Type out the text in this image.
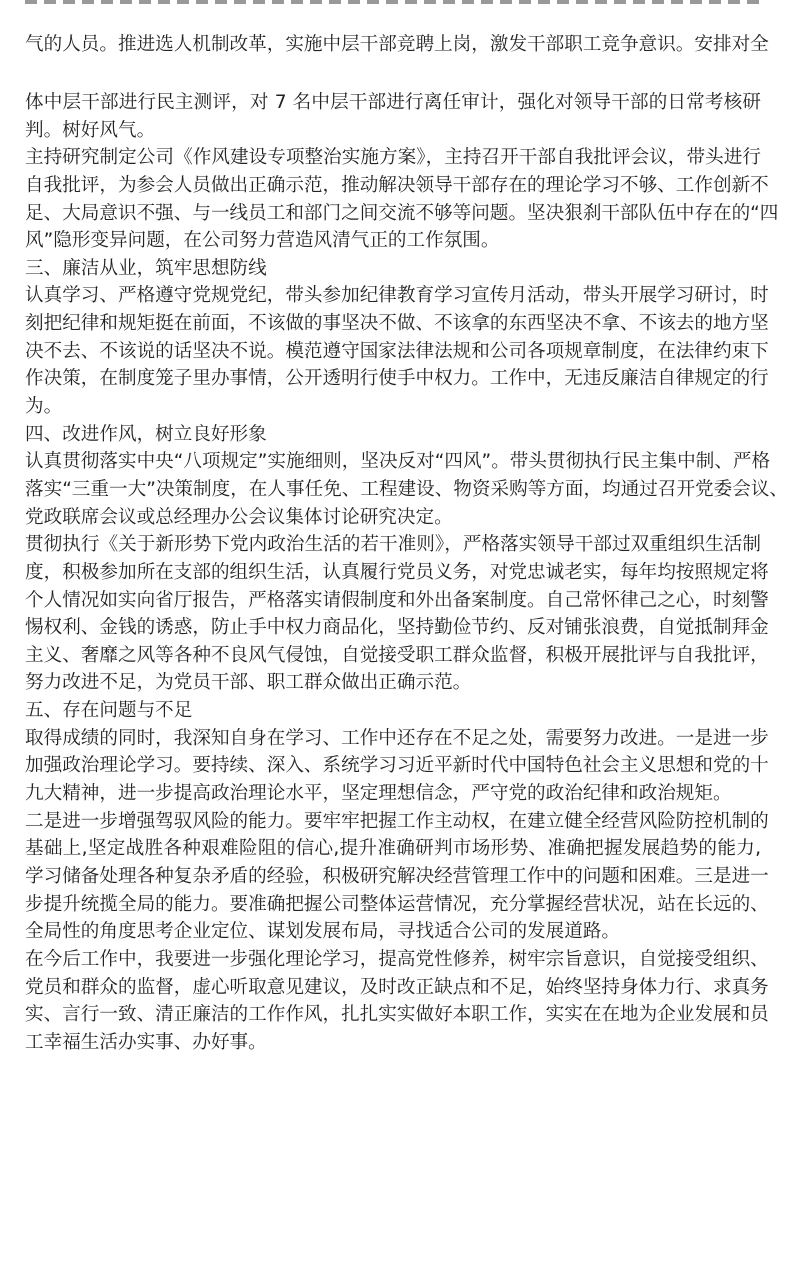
气的人员。推进选人机制改革，实施中层干部竞聘上岗，激发干部职工竞争意识。安排对全
体中层干部进行民主测评，对 7 名中层干部进行离任审计，强化对领导干部的日常考核研
判。树好风气。
主持研究制定公司《作风建设专项整治实施方案》，主持召开干部自我批评会议，带头进行
自我批评，为参会人员做出正确示范，推动解决领导干部存在的理论学习不够、工作创新不
足、大局意识不强、与一线员工和部门之间交流不够等问题。坚决狠刹干部队伍中存在的“四
风”隐形变异问题，在公司努力营造风清气正的工作氛围。
三、廉洁从业，筑牢思想防线
认真学习、严格遵守党规党纪，带头参加纪律教育学习宣传月活动，带头开展学习研讨，时
刻把纪律和规矩挺在前面，不该做的事坚决不做、不该拿的东西坚决不拿、不该去的地方坚
决不去、不该说的话坚决不说。模范遵守国家法律法规和公司各项规章制度，在法律约束下
作决策，在制度笼子里办事情，公开透明行使手中权力。工作中，无违反廉洁自律规定的行
为。
四、改进作风，树立良好形象
认真贯彻落实中央“八项规定”实施细则，坚决反对“四风”。带头贯彻执行民主集中制、严格
落实“三重一大”决策制度，在人事任免、工程建设、物资采购等方面，均通过召开党委会议、
党政联席会议或总经理办公会议集体讨论研究决定。
贯彻执行《关于新形势下党内政治生活的若干准则》，严格落实领导干部过双重组织生活制
度，积极参加所在支部的组织生活，认真履行党员义务，对党忠诚老实，每年均按照规定将
个人情况如实向省厅报告，严格落实请假制度和外出备案制度。自己常怀律己之心，时刻警
惕权利、金钱的诱惑，防止手中权力商品化，坚持勤俭节约、反对铺张浪费，自觉抵制拜金
主义、奢靡之风等各种不良风气侵蚀，自觉接受职工群众监督，积极开展批评与自我批评，
努力改进不足，为党员干部、职工群众做出正确示范。
五、存在问题与不足
取得成绩的同时，我深知自身在学习、工作中还存在不足之处，需要努力改进。一是进一步
加强政治理论学习。要持续、深入、系统学习习近平新时代中国特色社会主义思想和党的十
九大精神，进一步提高政治理论水平，坚定理想信念，严守党的政治纪律和政治规矩。
二是进一步增强驾驭风险的能力。要牢牢把握工作主动权，在建立健全经营风险防控机制的
基础上,坚定战胜各种艰难险阻的信心,提升准确研判市场形势、准确把握发展趋势的能力,
学习储备处理各种复杂矛盾的经验，积极研究解决经营管理工作中的问题和困难。三是进一
步提升统揽全局的能力。要准确把握公司整体运营情况，充分掌握经营状况，站在长远的、
全局性的角度思考企业定位、谋划发展布局，寻找适合公司的发展道路。
在今后工作中，我要进一步强化理论学习，提高党性修养，树牢宗旨意识，自觉接受组织、
党员和群众的监督，虚心听取意见建议，及时改正缺点和不足，始终坚持身体力行、求真务
实、言行一致、清正廉洁的工作作风，扎扎实实做好本职工作，实实在在地为企业发展和员
工幸福生活办实事、办好事。
